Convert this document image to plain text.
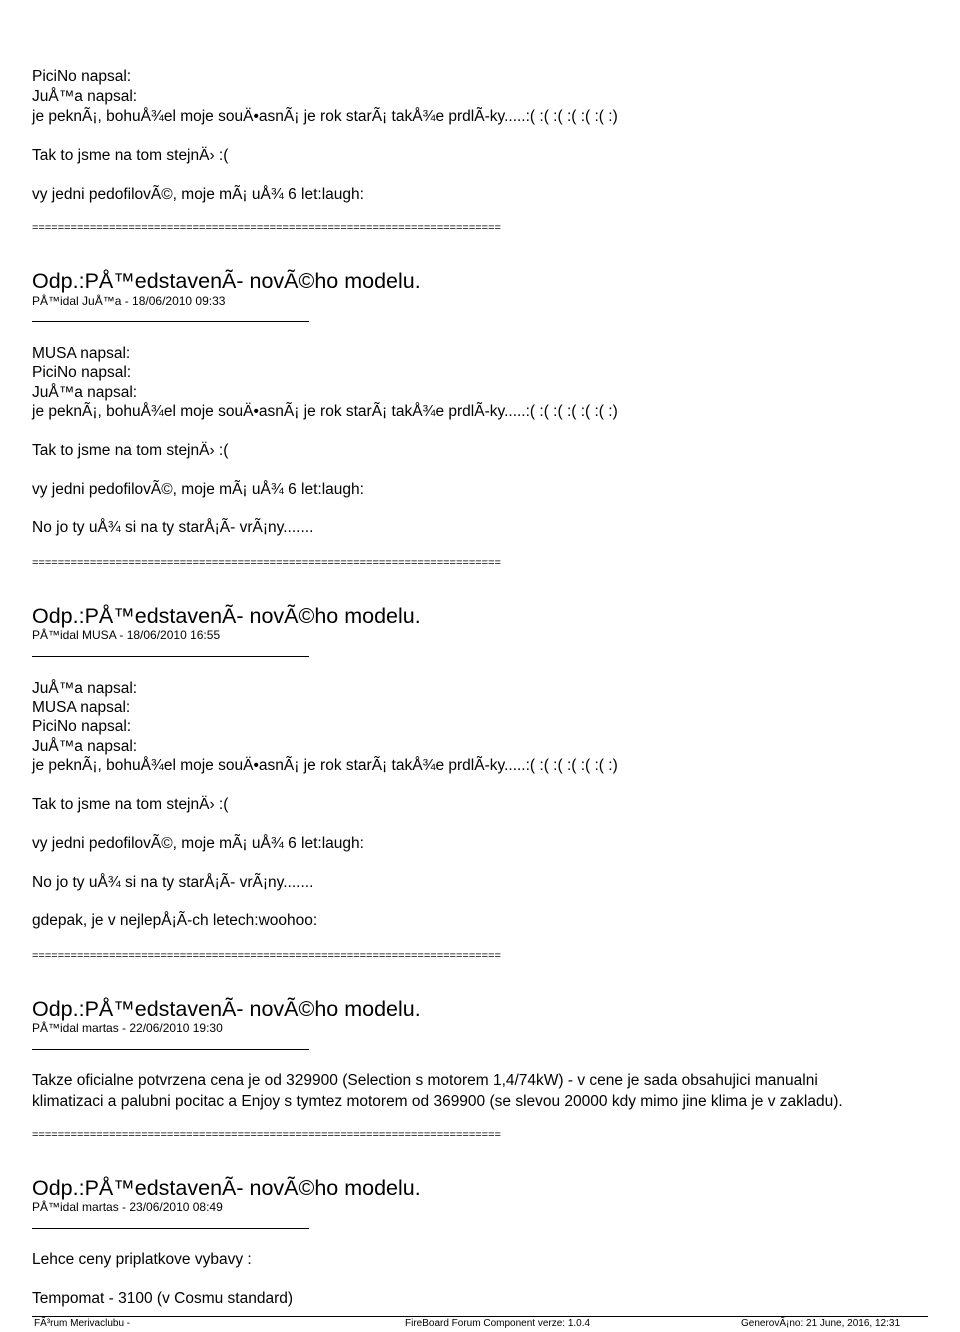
PiciNo napsal:
JuÅ™a napsal:
je peknÃ¡, bohuÅ¾el moje souÄ•asnÃ¡ je rok starÃ¡ takÅ¾e prdlÃ-ky.....:( :( :( :( :( :( :)
Tak to jsme na tom stejnÄ› :(
vy jedni pedofilovÃ©, moje mÃ¡ uÅ¾ 6 let:laugh:
=========================================================================
Odp.:PÅ™edstavenÃ- novÃ©ho modelu.
PÅ™idal JuÅ™a - 18/06/2010 09:33
MUSA napsal:
PiciNo napsal:
JuÅ™a napsal:
je peknÃ¡, bohuÅ¾el moje souÄ•asnÃ¡ je rok starÃ¡ takÅ¾e prdlÃ-ky.....:( :( :( :( :( :( :)
Tak to jsme na tom stejnÄ› :(
vy jedni pedofilovÃ©, moje mÃ¡ uÅ¾ 6 let:laugh:
No jo ty uÅ¾ si na ty starÅ¡Ã- vrÃ¡ny.......
=========================================================================
Odp.:PÅ™edstavenÃ- novÃ©ho modelu.
PÅ™idal MUSA - 18/06/2010 16:55
JuÅ™a napsal:
MUSA napsal:
PiciNo napsal:
JuÅ™a napsal:
je peknÃ¡, bohuÅ¾el moje souÄ•asnÃ¡ je rok starÃ¡ takÅ¾e prdlÃ-ky.....:( :( :( :( :( :( :)
Tak to jsme na tom stejnÄ› :(
vy jedni pedofilovÃ©, moje mÃ¡ uÅ¾ 6 let:laugh:
No jo ty uÅ¾ si na ty starÅ¡Ã- vrÃ¡ny.......
gdepak, je v nejlepÅ¡Ã-ch letech:woohoo:
=========================================================================
Odp.:PÅ™edstavenÃ- novÃ©ho modelu.
PÅ™idal martas - 22/06/2010 19:30
Takze oficialne potvrzena cena je od 329900 (Selection s motorem 1,4/74kW) - v cene je sada obsahujici manualni
klimatizaci a palubni pocitac a Enjoy s tymtez motorem od 369900 (se slevou 20000 kdy mimo jine klima je v zakladu).
=========================================================================
Odp.:PÅ™edstavenÃ- novÃ©ho modelu.
PÅ™idal martas - 23/06/2010 08:49
Lehce ceny priplatkove vybavy :
Tempomat - 3100 (v Cosmu standard)
FÃ³rum Merivaclubu -	FireBoard Forum Component verze: 1.0.4	GenerovÃ¡no: 21 June, 2016, 12:31
